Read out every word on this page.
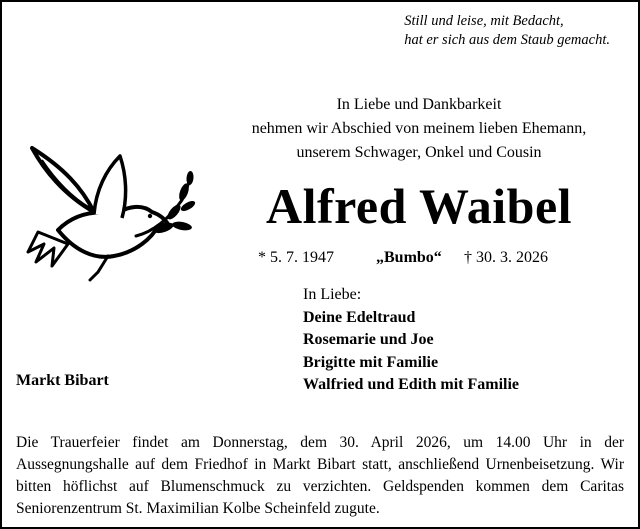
Still und leise, mit Bedacht,
hat er sich aus dem Staub gemacht.
In Liebe und Dankbarkeit
nehmen wir Abschied von meinem lieben Ehemann,
unserem Schwager, Onkel und Cousin
Alfred Waibel
* 5. 7. 1947	„Bumbo“ † 30. 3. 2026
In Liebe:
Deine Edeltraud
Rosemarie und Joe
Brigitte mit Familie
Walfried und Edith mit Familie
Markt Bibart
Die Trauerfeier findet am Donnerstag, dem 30. April 2026, um 14.00 Uhr in der Aussegnungshalle auf dem Friedhof in Markt Bibart statt, anschließend Urnenbeisetzung. Wir bitten höflichst auf Blumenschmuck zu verzichten. Geldspenden kommen dem Caritas Seniorenzentrum St. Maximilian Kolbe Scheinfeld zugute.
